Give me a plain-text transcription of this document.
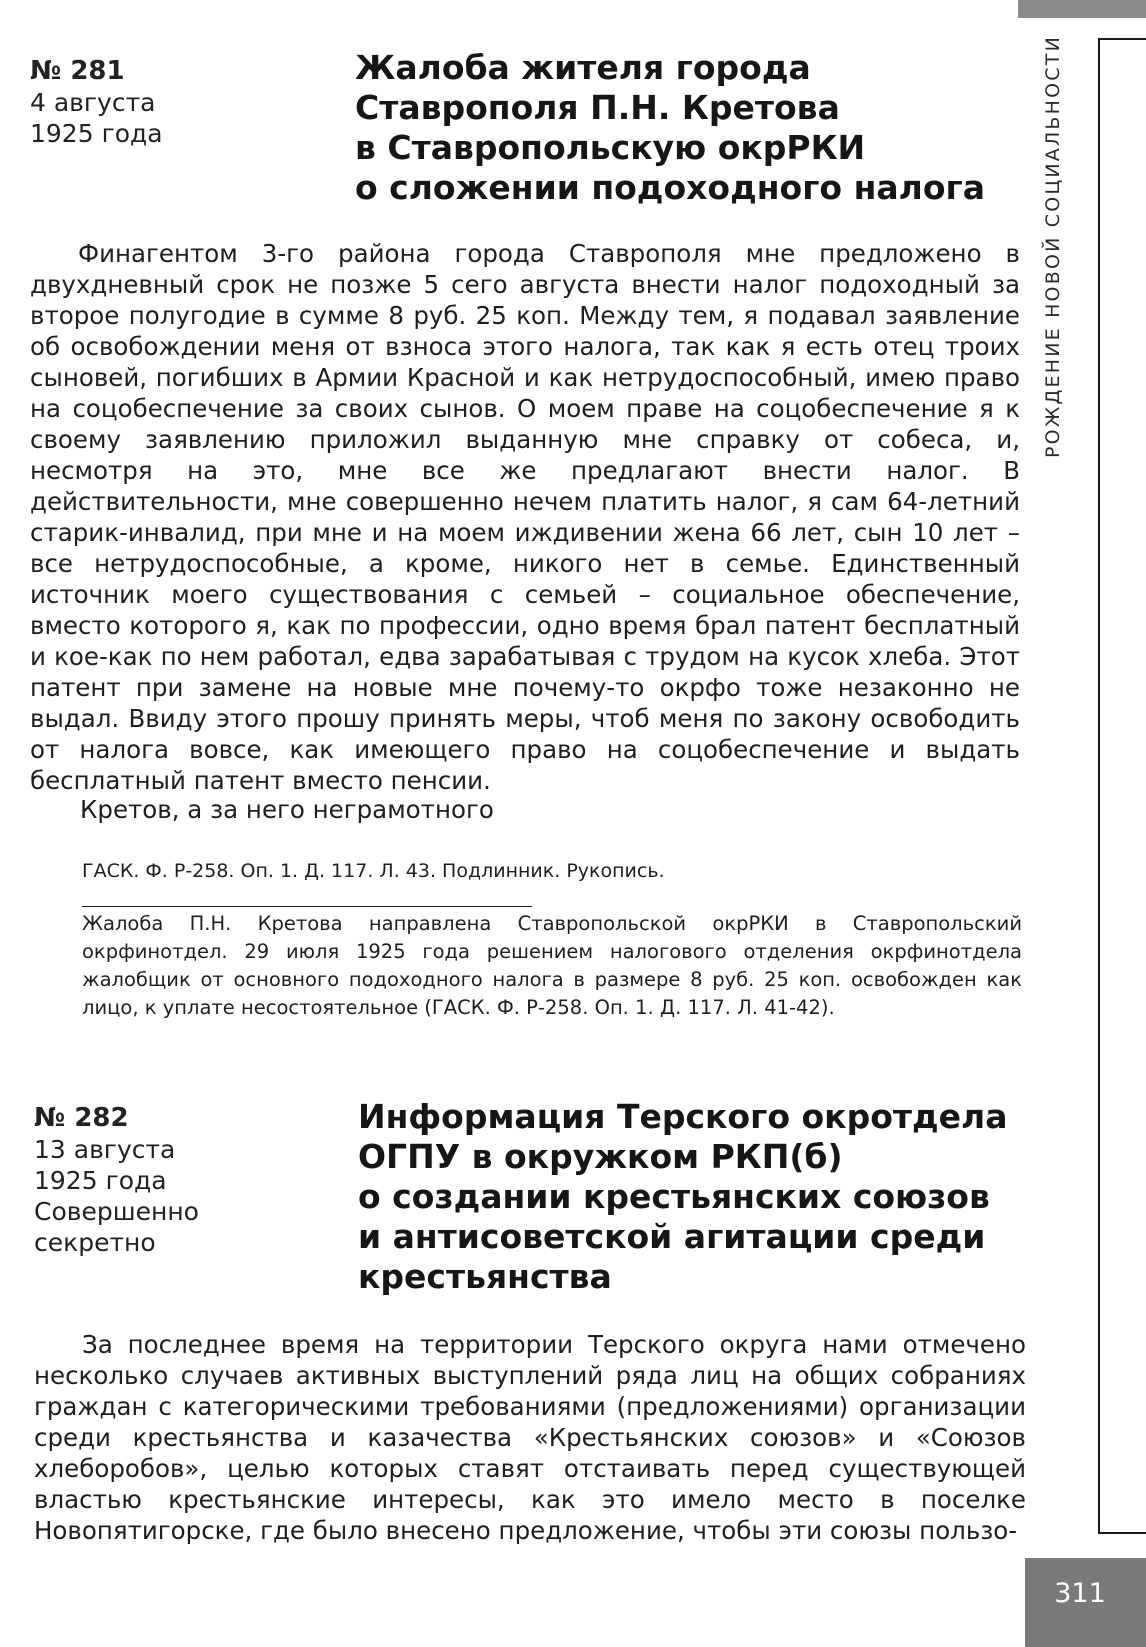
РОЖДЕНИЕ НОВОЙ СОЦИАЛЬНОСТИ
311
№ 281
4 августа
1925 года
Жалоба жителя города
Ставрополя П.Н. Кретова
в Ставропольскую окрРКИ
о сложении подоходного налога

Финагентом 3-го района города Ставрополя мне предложено в двухдневный срок не позже 5 сего августа внести налог подоходный за второе полугодие в сумме 8 руб. 25 коп. Между тем, я подавал заявление об освобождении меня от взноса этого налога, так как я есть отец троих сыновей, погибших в Армии Красной и как нетрудоспособный, имею право на соцобеспечение за своих сынов. О моем праве на соцобеспечение я к своему заявлению приложил выданную мне справку от собеса, и, несмотря на это, мне все же предлагают внести налог. В действительности, мне совершенно нечем платить налог, я сам 64-летний старик-инвалид, при мне и на моем иждивении жена 66 лет, сын 10 лет – все нетрудоспособные, а кроме, никого нет в семье. Единственный источник моего существования с семьей – социальное обеспечение, вместо которого я, как по профессии, одно время брал патент бесплатный и кое-как по нем работал, едва зарабатывая с трудом на кусок хлеба. Этот патент при замене на новые мне почему-то окрфо тоже незаконно не выдал. Ввиду этого прошу принять меры, чтоб меня по закону освободить от налога вовсе, как имеющего право на соцобеспечение и выдать бесплатный патент вместо пенсии.

Кретов, а за него неграмотного
ГАСК. Ф. Р-258. Оп. 1. Д. 117. Л. 43. Подлинник. Рукопись.

Жалоба П.Н. Кретова направлена Ставропольской окрРКИ в Ставропольский окрфинотдел. 29 июля 1925 года решением налогового отделения окрфинотдела жалобщик от основного подоходного налога в размере 8 руб. 25 коп. освобожден как лицо, к уплате несостоятельное (ГАСК. Ф. Р-258. Оп. 1. Д. 117. Л. 41-42).

№ 282
13 августа
1925 года
Совершенно
секретно
Информация Терского окротдела
ОГПУ в окружком РКП(б)
о создании крестьянских союзов
и антисоветской агитации среди
крестьянства

За последнее время на территории Терского округа нами отмечено несколько случаев активных выступлений ряда лиц на общих собраниях граждан с категорическими требованиями (предложениями) организации среди крестьянства и казачества «Крестьянских союзов» и «Союзов хлеборобов», целью которых ставят отстаивать перед существующей властью крестьянские интересы, как это имело место в поселке Новопятигорске, где было внесено предложение, чтобы эти союзы пользо-
